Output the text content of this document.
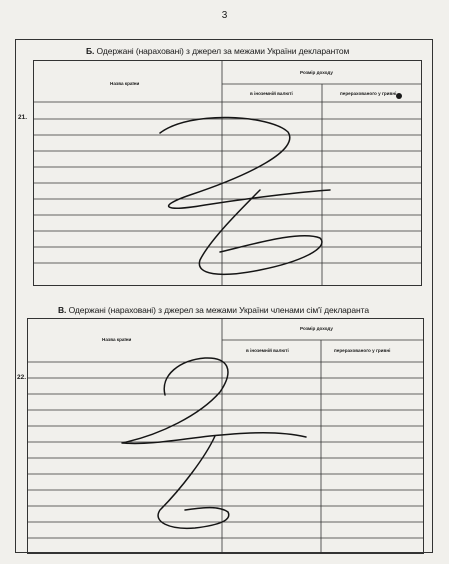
3
Б. Одержані (нараховані) з джерел за межами України декларантом
Назва країни
Розмір доходу
в іноземній валюті	перерахованого у гривні
21.
В. Одержані (нараховані) з джерел за межами України членами сім'ї декларанта
Назва країни
Розмір доходу
в іноземній валюті	перерахованого у гривні
22.
